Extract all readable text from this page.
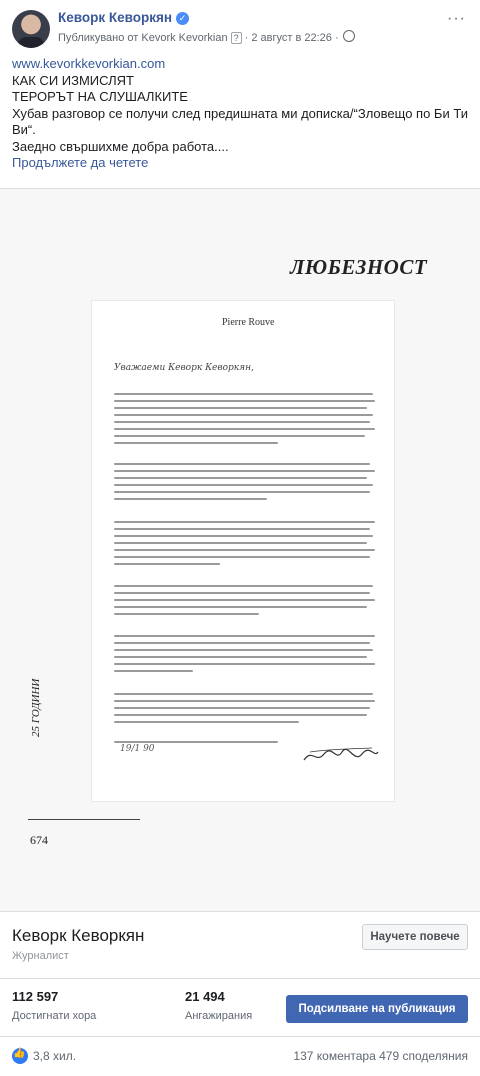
Кеворк Кеворкян ✓
Публикувано от Kevork Kevorkian ? · 2 август в 22:26 ·
···
www.kevorkkevorkian.com
КАК СИ ИЗМИСЛЯТ
ТЕРОРЪТ НА СЛУШАЛКИТЕ
Хубав разговор се получи след предишната ми дописка/“Зловещо по Би Ти Ви“.
Заедно свършихме добра работа....
Продължете да четете
ЛЮБЕЗНОСТ
Pierre Rouve
Уважаеми Кеворк Кеворкян,
19/1 90
25 ГОДИНИ
674
Кеворк Кеворкян
Журналист
Научете повече
112 597
Достигнати хора
21 494
Ангажирания
Подсилване на публикация
👍
3,8 хил.	137 коментара 479 споделяния
